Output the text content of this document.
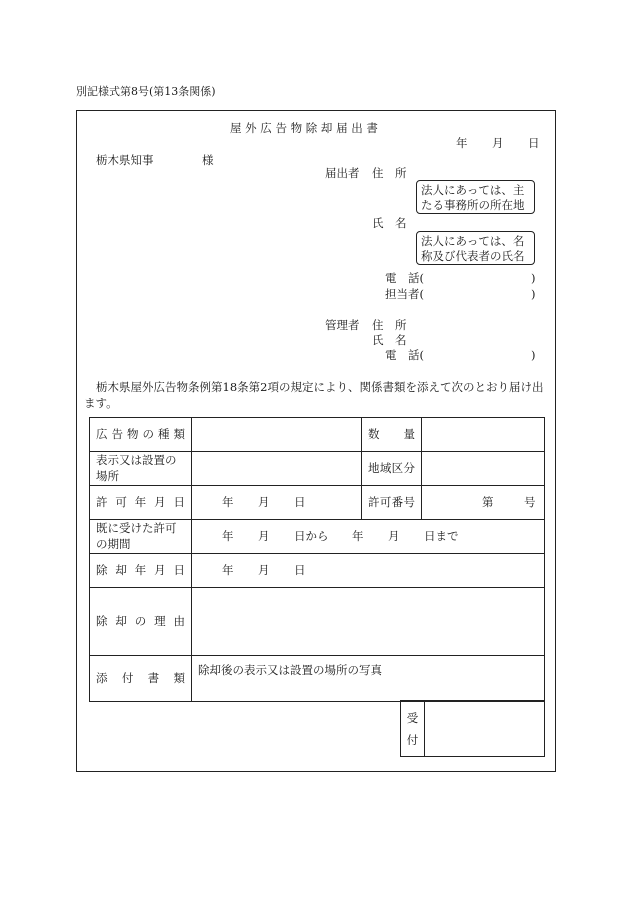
別記様式第8号(第13条関係)
屋 外 広 告 物 除 却 届 出 書
年 月 日
栃木県知事	様
届出者 住　所
法人にあっては、主
たる事務所の所在地
氏　名
法人にあっては、名
称及び代表者の氏名
電　話(	)
担当者(	)
管理者 住　所
氏　名
電　話(	)
栃木県屋外広告物条例第18条第2項の規定により、関係書類を添えて次のとおり届け出
ます。
広告物の種類		数　　量	

表示又は設置の場所		地域区分	

許可年月日	年 月 日	許可番号	第 号

既に受けた許可の期間	年 月 日から 年 月 日まで		

除却年月日	年 月 日		

除却の理由			

添付書類	除却後の表示又は設置の場所の写真		
受
付
